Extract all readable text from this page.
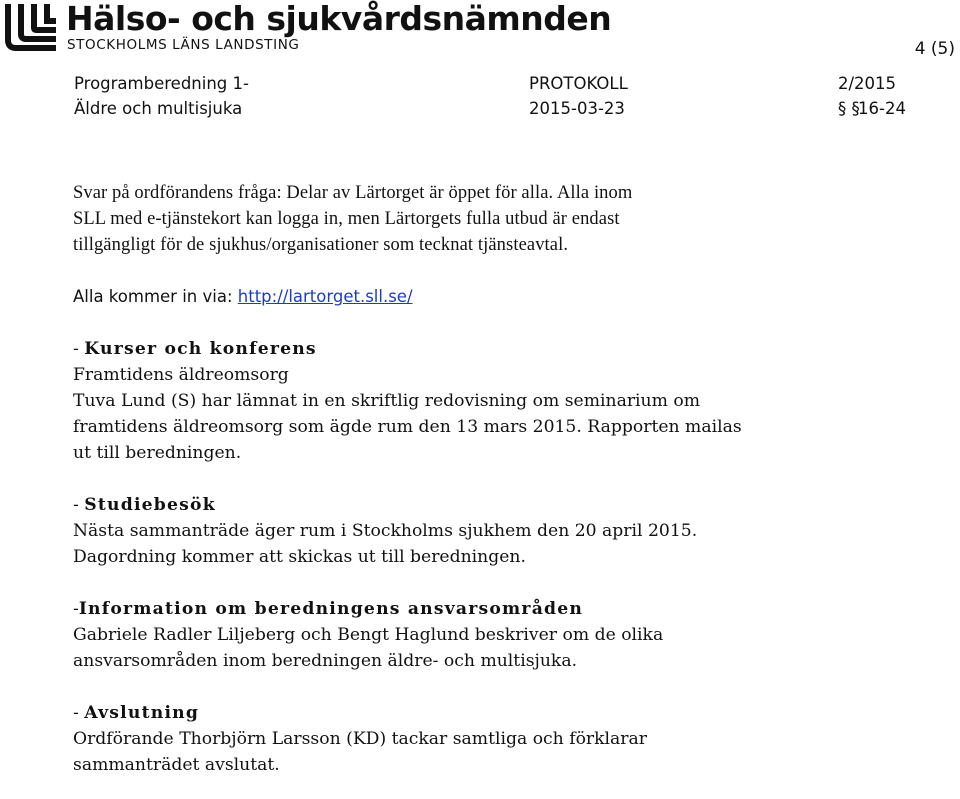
Hälso- och sjukvårdsnämnden
STOCKHOLMS LÄNS LANDSTING	4 (5)
Programberedning 1-
Äldre och multisjuka
PROTOKOLL
2015-03-23
2/2015
§ §16-24

Svar på ordförandens fråga: Delar av Lärtorget är öppet för alla. Alla inom

SLL med e-tjänstekort kan logga in, men Lärtorgets fulla utbud är endast

tillgängligt för de sjukhus/organisationer som tecknat tjänsteavtal.

Alla kommer in via: http://lartorget.sll.se/

- Kurser och konferens

Framtidens äldreomsorg

Tuva Lund (S) har lämnat in en skriftlig redovisning om seminarium om

framtidens äldreomsorg som ägde rum den 13 mars 2015. Rapporten mailas

ut till beredningen.

- Studiebesök

Nästa sammanträde äger rum i Stockholms sjukhem den 20 april 2015.

Dagordning kommer att skickas ut till beredningen.

-Information om beredningens ansvarsområden

Gabriele Radler Liljeberg och Bengt Haglund beskriver om de olika

ansvarsområden inom beredningen äldre- och multisjuka.

- Avslutning

Ordförande Thorbjörn Larsson (KD) tackar samtliga och förklarar

sammanträdet avslutat.
